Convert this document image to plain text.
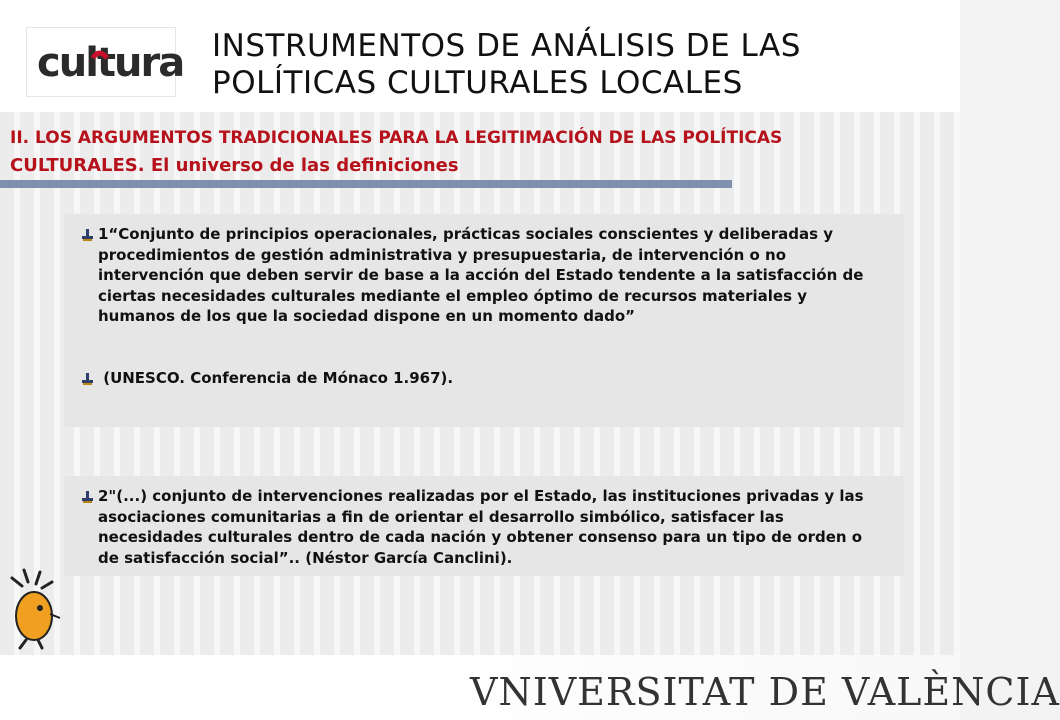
cultura INSTRUMENTOS DE ANÁLISIS DE LAS
POLÍTICAS CULTURALES LOCALES
II. LOS ARGUMENTOS TRADICIONALES PARA LA LEGITIMACIÓN DE LAS POLÍTICAS
CULTURALES. El universo de las definiciones
1“Conjunto de principios operacionales, prácticas sociales conscientes y deliberadas y procedimientos de gestión administrativa y presupuestaria, de intervención o no intervención que deben servir de base a la acción del Estado tendente a la satisfacción de ciertas necesidades culturales mediante el empleo óptimo de recursos materiales y humanos de los que la sociedad dispone en un momento dado”
(UNESCO. Conferencia de Mónaco 1.967).
2"(...) conjunto de intervenciones realizadas por el Estado, las instituciones privadas y las asociaciones comunitarias a fin de orientar el desarrollo simbólico, satisfacer las necesidades culturales dentro de cada nación y obtener consenso para un tipo de orden o de satisfacción social”.. (Néstor García Canclini).
VNIVERSITAT DE VALÈNCIA
